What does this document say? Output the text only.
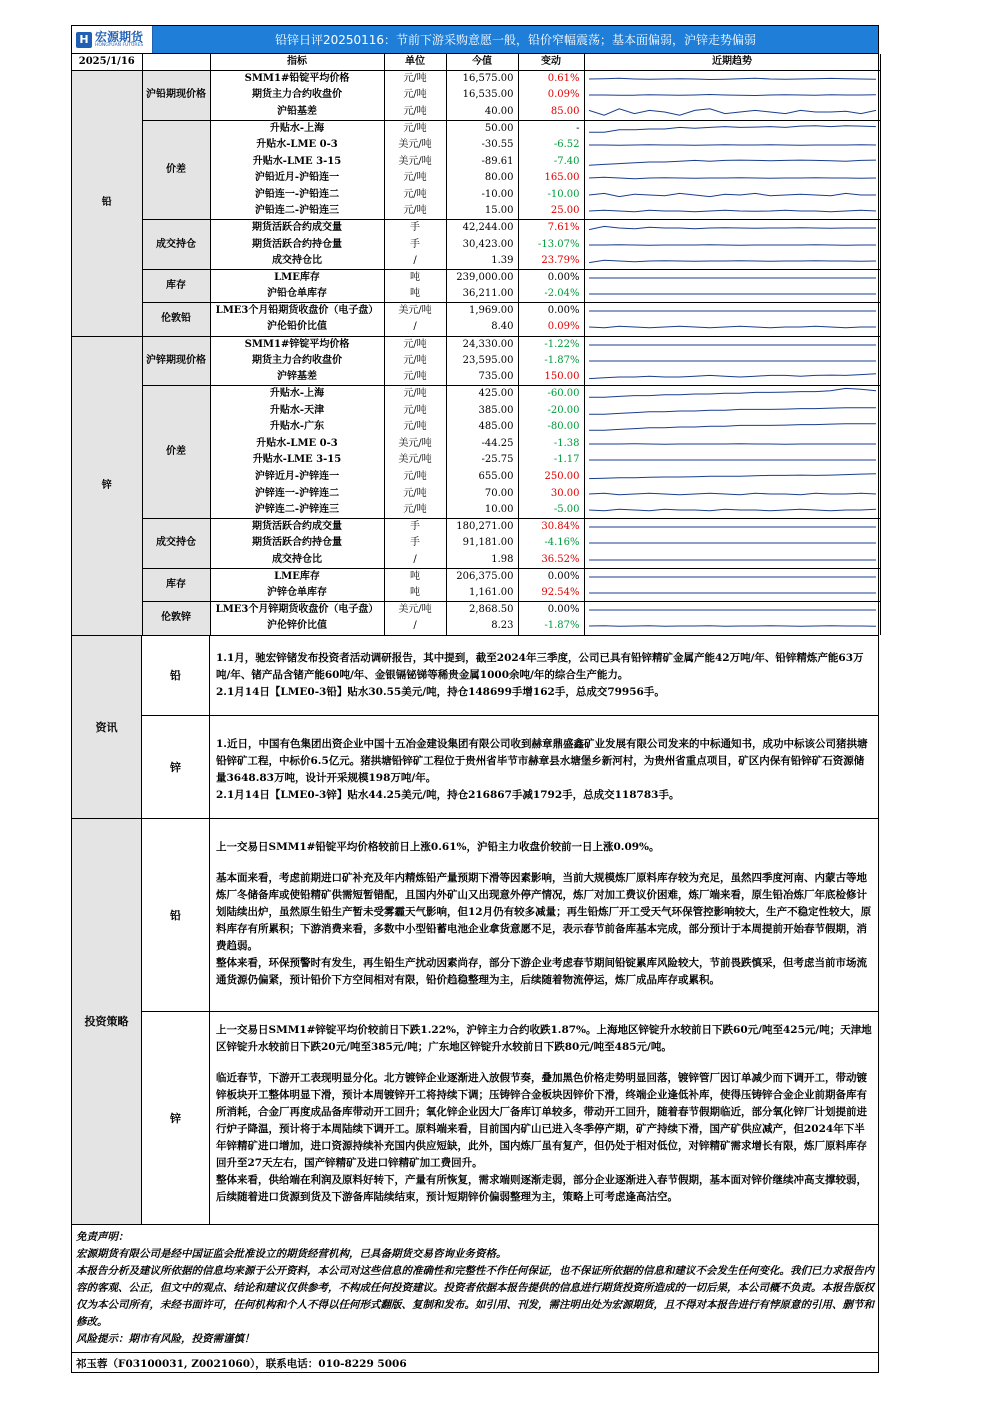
H 宏源期货
HONGYUAN FUTURES	铅锌日评20250116：节前下游采购意愿一般，铅价窄幅震荡；基本面偏弱，沪锌走势偏弱
2025/1/16		指标	单位	今值	变动	近期趋势
铅	沪铅期现价格	SMM1#铅锭平均价格	元/吨	16,575.00	0.61%	

		期货主力合约收盘价	元/吨	16,535.00	0.09%	

		沪铅基差	元/吨	40.00	85.00	

	价差	升贴水-上海	元/吨	50.00	-	

		升贴水-LME 0-3	美元/吨	-30.55	-6.52	

		升贴水-LME 3-15	美元/吨	-89.61	-7.40	

		沪铅近月-沪铅连一	元/吨	80.00	165.00	

		沪铅连一-沪铅连二	元/吨	-10.00	-10.00	

		沪铅连二-沪铅连三	元/吨	15.00	25.00	

	成交持仓	期货活跃合约成交量	手	42,244.00	7.61%	

		期货活跃合约持仓量	手	30,423.00	-13.07%	

		成交持仓比	/	1.39	23.79%	

	库存	LME库存	吨	239,000.00	0.00%	

		沪铅仓单库存	吨	36,211.00	-2.04%	

	伦敦铅	LME3个月铅期货收盘价（电子盘）	美元/吨	1,969.00	0.00%	

		沪伦铅价比值	/	8.40	0.09%	

锌	沪锌期现价格	SMM1#锌锭平均价格	元/吨	24,330.00	-1.22%	

		期货主力合约收盘价	元/吨	23,595.00	-1.87%	

		沪锌基差	元/吨	735.00	150.00	

	价差	升贴水-上海	元/吨	425.00	-60.00	

		升贴水-天津	元/吨	385.00	-20.00	

		升贴水-广东	元/吨	485.00	-80.00	

		升贴水-LME 0-3	美元/吨	-44.25	-1.38	

		升贴水-LME 3-15	美元/吨	-25.75	-1.17	

		沪锌近月-沪锌连一	元/吨	655.00	250.00	

		沪锌连一-沪锌连二	元/吨	70.00	30.00	

		沪锌连二-沪锌连三	元/吨	10.00	-5.00	

	成交持仓	期货活跃合约成交量	手	180,271.00	30.84%	

		期货活跃合约持仓量	手	91,181.00	-4.16%	

		成交持仓比	/	1.98	36.52%	

	库存	LME库存	吨	206,375.00	0.00%	

		沪锌仓单库存	吨	1,161.00	92.54%	

	伦敦锌	LME3个月锌期货收盘价（电子盘）	美元/吨	2,868.50	0.00%	

		沪伦锌价比值	/	8.23	-1.87%	
资讯
铅

1.1月，驰宏锌锗发布投资者活动调研报告，其中提到，截至2024年三季度，公司已具有铅锌精矿金属产能42万吨/年、铅锌精炼产能63万吨/年、锗产品含锗产能60吨/年、金银镉铋锑等稀贵金属1000余吨/年的综合生产能力。

2.1月14日【LME0-3铅】贴水30.55美元/吨，持仓148699手增162手，总成交79956手。

锌

1.近日，中国有色集团出资企业中国十五冶金建设集团有限公司收到赫章鼎盛鑫矿业发展有限公司发来的中标通知书，成功中标该公司猪拱塘铅锌矿工程，中标价6.5亿元。猪拱塘铅锌矿工程位于贵州省毕节市赫章县水塘堡乡新河村，为贵州省重点项目，矿区内保有铅锌矿石资源储量3648.83万吨，设计开采规模198万吨/年。

2.1月14日【LME0-3锌】贴水44.25美元/吨，持仓216867手减1792手，总成交118783手。

投资策略
铅

上一交易日SMM1#铅锭平均价格较前日上涨0.61%，沪铅主力收盘价较前一日上涨0.09%。

基本面来看，考虑前期进口矿补充及年内精炼铅产量预期下滑等因素影响，当前大规模炼厂原料库存较为充足，虽然四季度河南、内蒙古等地炼厂冬储备库或使铅精矿供需短暂错配，且国内外矿山又出现意外停产情况，炼厂对加工费议价困难，炼厂端来看，原生铅冶炼厂年底检修计划陆续出炉，虽然原生铅生产暂未受雾霾天气影响，但12月仍有较多减量；再生铅炼厂开工受天气环保管控影响较大，生产不稳定性较大，原料库存有所累积；下游消费来看，多数中小型铅蓄电池企业拿货意愿不足，表示春节前备库基本完成，部分预计于本周提前开始春节假期，消费趋弱。

整体来看，环保预警时有发生，再生铅生产扰动因素尚存，部分下游企业考虑春节期间铅锭累库风险较大，节前畏跌慎采，但考虑当前市场流通货源仍偏紧，预计铅价下方空间相对有限，铅价趋稳整理为主，后续随着物流停运，炼厂成品库存或累积。

锌

上一交易日SMM1#锌锭平均价较前日下跌1.22%，沪锌主力合约收跌1.87%。上海地区锌锭升水较前日下跌60元/吨至425元/吨；天津地区锌锭升水较前日下跌20元/吨至385元/吨；广东地区锌锭升水较前日下跌80元/吨至485元/吨。

临近春节，下游开工表现明显分化。北方镀锌企业逐渐进入放假节奏，叠加黑色价格走势明显回落，镀锌管厂因订单减少而下调开工，带动镀锌板块开工整体明显下滑，预计本周镀锌开工将持续下调；压铸锌合金板块因锌价下滑，终端企业逢低补库，使得压铸锌合金企业前期备库有所消耗，合金厂再度成品备库带动开工回升；氧化锌企业因大厂备库订单较多，带动开工回升，随着春节假期临近，部分氧化锌厂计划提前进行炉子降温，预计将于本周陆续下调开工。原料端来看，目前国内矿山已进入冬季停产期，矿产持续下滑，国产矿供应减产，但2024年下半年锌精矿进口增加，进口资源持续补充国内供应短缺，此外，国内炼厂虽有复产，但仍处于相对低位，对锌精矿需求增长有限，炼厂原料库存回升至27天左右，国产锌精矿及进口锌精矿加工费回升。

整体来看，供给端在利润及原料好转下，产量有所恢复，需求端则逐渐走弱，部分企业逐渐进入春节假期，基本面对锌价继续冲高支撑较弱，后续随着进口货源到货及下游备库陆续结束，预计短期锌价偏弱整理为主，策略上可考虑逢高沽空。

免责声明：
宏源期货有限公司是经中国证监会批准设立的期货经营机构，已具备期货交易咨询业务资格。
本报告分析及建议所依据的信息均来源于公开资料，本公司对这些信息的准确性和完整性不作任何保证，也不保证所依据的信息和建议不会发生任何变化。我们已力求报告内容的客观、公正，但文中的观点、结论和建议仅供参考，不构成任何投资建议。投资者依据本报告提供的信息进行期货投资所造成的一切后果，本公司概不负责。本报告版权仅为本公司所有，未经书面许可，任何机构和个人不得以任何形式翻版、复制和发布。如引用、刊发，需注明出处为宏源期货，且不得对本报告进行有悖原意的引用、删节和修改。
风险提示：期市有风险，投资需谨慎！
祁玉蓉（F03100031, Z0021060），联系电话：010-8229 5006
